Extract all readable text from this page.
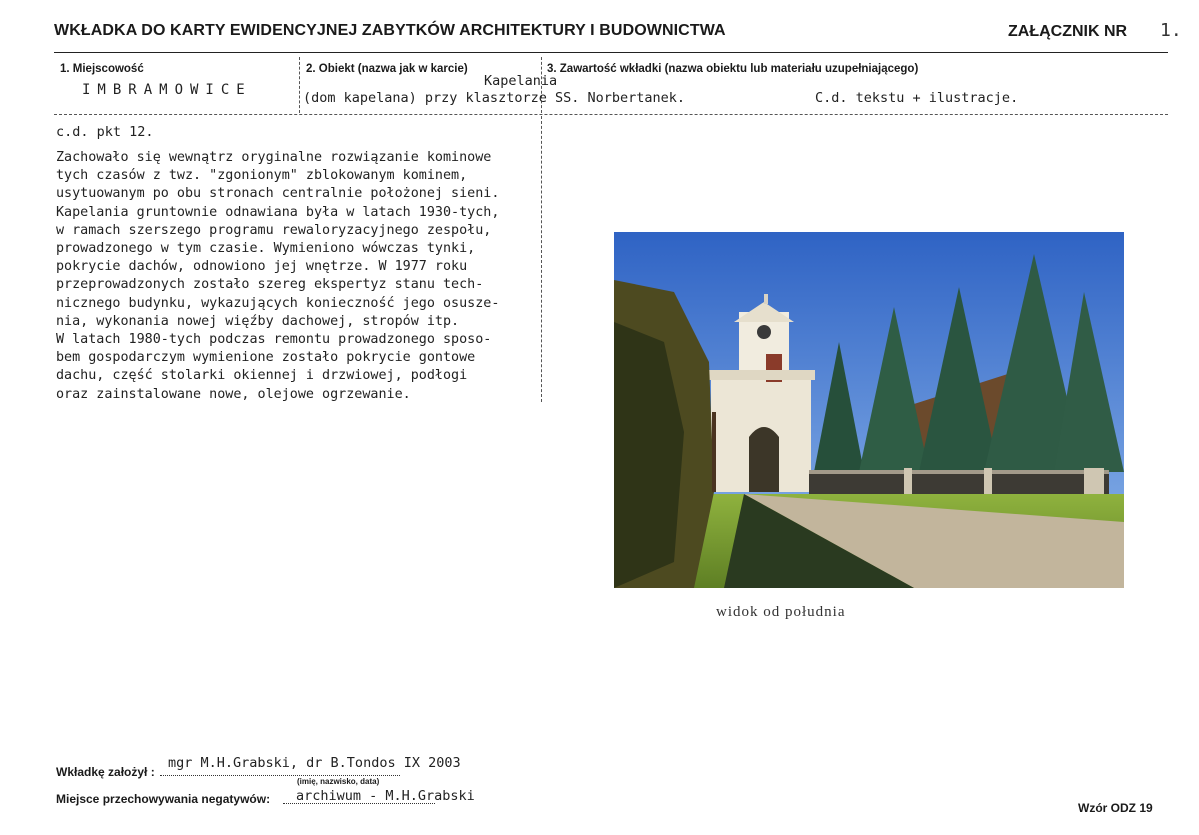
WKŁADKA DO KARTY EWIDENCYJNEJ ZABYTKÓW ARCHITEKTURY I BUDOWNICTWA	ZAŁĄCZNIK NR 1.
1. Miejscowość	2. Obiekt (nazwa jak w karcie)	3. Zawartość wkładki (nazwa obiektu lub materiału uzupełniającego)
IMBRAMOWICE
Kapelania
(dom kapelana) przy klasztorze SS. Norbertanek.	C.d. tekstu + ilustracje.
c.d. pkt 12.
Zachowało się wewnątrz oryginalne rozwiązanie kominowe
tych czasów z twz. "zgonionym" zblokowanym kominem,
usytuowanym po obu stronach centralnie położonej sieni.
Kapelania gruntownie odnawiana była w latach 1930-tych,
w ramach szerszego programu rewaloryzacyjnego zespołu,
prowadzonego w tym czasie. Wymieniono wówczas tynki,
pokrycie dachów, odnowiono jej wnętrze. W 1977 roku
przeprowadzonych zostało szereg ekspertyz stanu tech-
nicznego budynku, wykazujących konieczność jego osusze-
nia, wykonania nowej więźby dachowej, stropów itp.
W latach 1980-tych podczas remontu prowadzonego sposo-
bem gospodarczym wymienione zostało pokrycie gontowe
dachu, część stolarki okiennej i drzwiowej, podłogi
oraz zainstalowane nowe, olejowe ogrzewanie.
widok od południa
Wkładkę założył :
mgr M.H.Grabski, dr B.Tondos IX 2003
(imię, nazwisko, data)
Miejsce przechowywania negatywów: archiwum - M.H.Grabski
Wzór ODZ 19
